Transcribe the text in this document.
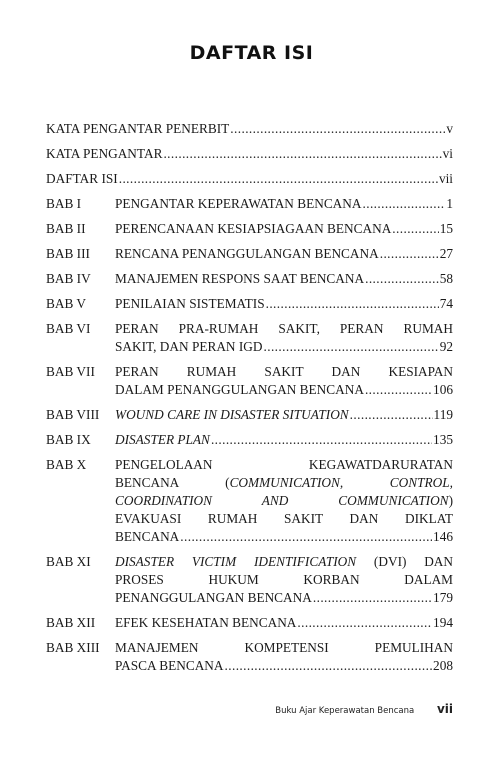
DAFTAR ISI
KATA PENGANTAR PENERBIT .....	v
KATA PENGANTAR .....	vi
DAFTAR ISI .....	vii
BAB I	PENGANTAR KEPERAWATAN BENCANA .....	1
BAB II	PERENCANAAN KESIAPSIAGAAN BENCANA .....	15
BAB III	RENCANA PENANGGULANGAN BENCANA .....	27
BAB IV	MANAJEMEN RESPONS SAAT BENCANA .....	58
BAB V	PENILAIAN SISTEMATIS .....	74
BAB VI	PERAN PRA-RUMAH SAKIT, PERAN RUMAH
SAKIT, DAN PERAN IGD .....	92
BAB VII	PERAN RUMAH SAKIT DAN KESIAPAN
DALAM PENANGGULANGAN BENCANA .....	106
BAB VIII	WOUND CARE IN DISASTER SITUATION .....	119
BAB IX	DISASTER PLAN .....	135
BAB X	PENGELOLAAN KEGAWATDARURATAN
BENCANA (COMMUNICATION, CONTROL,
COORDINATION AND COMMUNICATION)
EVAKUASI RUMAH SAKIT DAN DIKLAT
BENCANA .....	146
BAB XI	DISASTER VICTIM IDENTIFICATION (DVI) DAN
PROSES HUKUM KORBAN DALAM
PENANGGULANGAN BENCANA .....	179
BAB XII	EFEK KESEHATAN BENCANA .....	194
BAB XIII	MANAJEMEN KOMPETENSI PEMULIHAN
PASCA BENCANA .....	208
Buku Ajar Keperawatan Bencana vii
